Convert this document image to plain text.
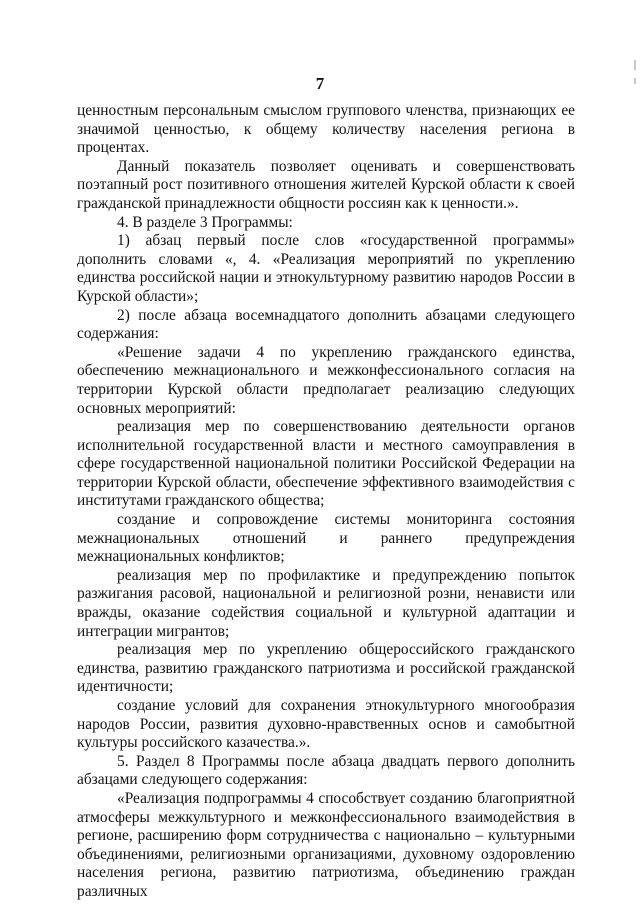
7

ценностным персональным смыслом группового членства, признающих ее значимой ценностью, к общему количеству населения региона в процентах.

Данный показатель позволяет оценивать и совершенствовать поэтапный рост позитивного отношения жителей Курской области к своей гражданской принадлежности общности россиян как к ценности.».

4. В разделе 3 Программы:

1) абзац первый после слов «государственной программы» дополнить словами «, 4. «Реализация мероприятий по укреплению единства российской нации и этнокультурному развитию народов России в Курской области»;

2) после абзаца восемнадцатого дополнить абзацами следующего содержания:

«Решение задачи 4 по укреплению гражданского единства, обеспечению межнационального и межконфессионального согласия на территории Курской области предполагает реализацию следующих основных мероприятий:

реализация мер по совершенствованию деятельности органов исполнительной государственной власти и местного самоуправления в сфере государственной национальной политики Российской Федерации на территории Курской области, обеспечение эффективного взаимодействия с институтами гражданского общества;

создание и сопровождение системы мониторинга состояния межнациональных отношений и раннего предупреждения межнациональных конфликтов;

реализация мер по профилактике и предупреждению попыток разжигания расовой, национальной и религиозной розни, ненависти или вражды, оказание содействия социальной и культурной адаптации и интеграции мигрантов;

реализация мер по укреплению общероссийского гражданского единства, развитию гражданского патриотизма и российской гражданской идентичности;

создание условий для сохранения этнокультурного многообразия народов России, развития духовно-нравственных основ и самобытной культуры российского казачества.».

5. Раздел 8 Программы после абзаца двадцать первого дополнить абзацами следующего содержания:

«Реализация подпрограммы 4 способствует созданию благоприятной атмосферы межкультурного и межконфессионального взаимодействия в регионе, расширению форм сотрудничества с национально – культурными объединениями, религиозными организациями, духовному оздоровлению населения региона, развитию патриотизма, объединению граждан различных
